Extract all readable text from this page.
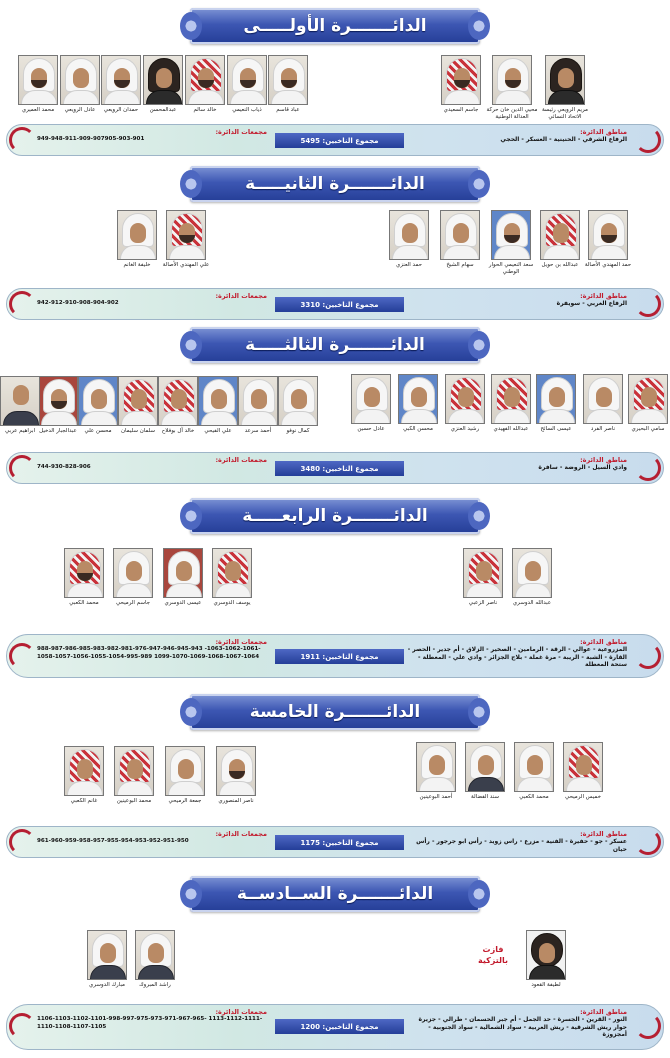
الدائـــــــرة الأولـــــى
مريم الرويعي رئيسة الاتحاد النسائي
محيي الدين خان حركة العدالة الوطنية
جاسم السعيدي
عباد قاسم
ذياب النعيمي
خالد سالم
عبدالمحسن
حمدان الرويعي
عادل الرويعي
محمد العميري
مناطق الدائرة:
الرفاع الشرقي - الحنينية - العسكر - الحجي
مجموع الناخبين: 5495
مجمعات الدائرة:
949-948-911-909-907905-903-901
الدائـــــــرة الثانيـــــة
حمد المهندي الأصالة
عبدالله بن حويل
سعد النعيمي الحوار الوطني
سهام الشيخ
حمد العنزي
علي المهندي الأصالة
خليفة الغانم
مناطق الدائرة:
الرفاع الغربي - سويفرة
مجموع الناخبين: 3310
مجمعات الدائرة:
942-912-910-908-904-902
الدائـــــــرة الثالثـــــة
سامي البحيري
ناصر الفرد
عيسى السائح
عبدالله الفهيدي
رشيد العنزي
محسن الكبي
عادل حسين
كمال نوفو
أحمد سرعد
علي الفيحي
خالد آل بوفلاح
سلمان سليمان
محسن علي
عبدالجبار الدخيل
ابراهيم عربي
مناطق الدائرة:
وادي السيل - الروضة - سافرة
مجموع الناخبين: 3480
مجمعات الدائرة:
744-930-828-906
الدائـــــــرة الرابعـــــة
عبدالله الدوسري
ناصر الزعبي
يوسف الدوسري
عيسى الدوسري
جاسم الرميحي
محمد الكعبي
مناطق الدائرة:
المزروعية - عوالي - الرقة - الرمامين - الصخير - الزلاق - أم جدير - الحصر - القارة - الشبة - الريبة - مرة غملة - بلاج الجزائر - وادي علي - المعطلة - ستحة المعطلة
مجموع الناخبين: 1911
مجمعات الدائرة:
988-987-986-985-983-982-981-976-947-946-945-943 -1063-1062-1061-1058-1057-1056-1055-1054-995-989 1099-1070-1069-1068-1067-1064
الدائـــــــرة الخامسة
خميس الرميحي
محمد الكعبي
سند الفضالة
أحمد البوعينين
ناصر المنصوري
جمعة الرميحي
محمد البوعينين
غانم الكعبي
مناطق الدائرة:
عسكر - جو - حفيرة - الفنية - مزرع - راس زويد - رأس ابو جرجور - رأس حيان
مجموع الناخبين: 1175
مجمعات الدائرة:
961-960-959-958-957-955-954-953-952-951-950
الدائـــــــرة الســادســة
لطيفة القعود
فازت بالتزكية
راشد المبروك
مبارك الدوسري
مناطق الدائرة:
النور - القرين - الجسرة - حد الجمل - أم جبر الحسمان - طرالي - جزيرة حوار ريش الشرقية - ريش الغربية - سواد الشمالية - سواد الجنوبية - أمجزوزة
مجموع الناخبين: 1200
مجمعات الدائرة:
1106-1103-1102-1101-998-997-975-973-971-967-965- 1113-1112-1111-1110-1108-1107-1105
